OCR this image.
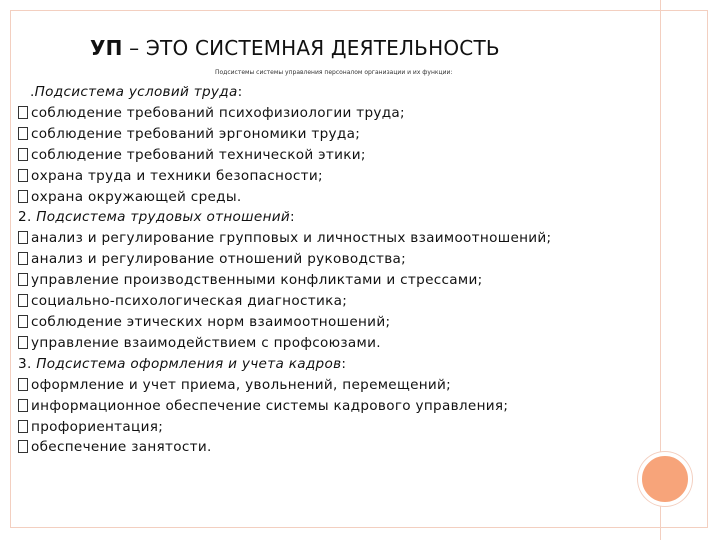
УП – ЭТО СИСТЕМНАЯ ДЕЯТЕЛЬНОСТЬ
Подсистемы системы управления персоналом организации и их функции:
.Подсистема условий труда:
соблюдение требований психофизиологии труда;
соблюдение требований эргономики труда;
соблюдение требований технической этики;
охрана труда и техники безопасности;
охрана окружающей среды.
2. Подсистема трудовых отношений:
анализ и регулирование групповых и личностных взаимоотношений;
анализ и регулирование отношений руководства;
управление производственными конфликтами и стрессами;
социально-психологическая диагностика;
соблюдение этических норм взаимоотношений;
управление взаимодействием с профсоюзами.
3. Подсистема оформления и учета кадров:
оформление и учет приема, увольнений, перемещений;
информационное обеспечение системы кадрового управления;
профориентация;
обеспечение занятости.
